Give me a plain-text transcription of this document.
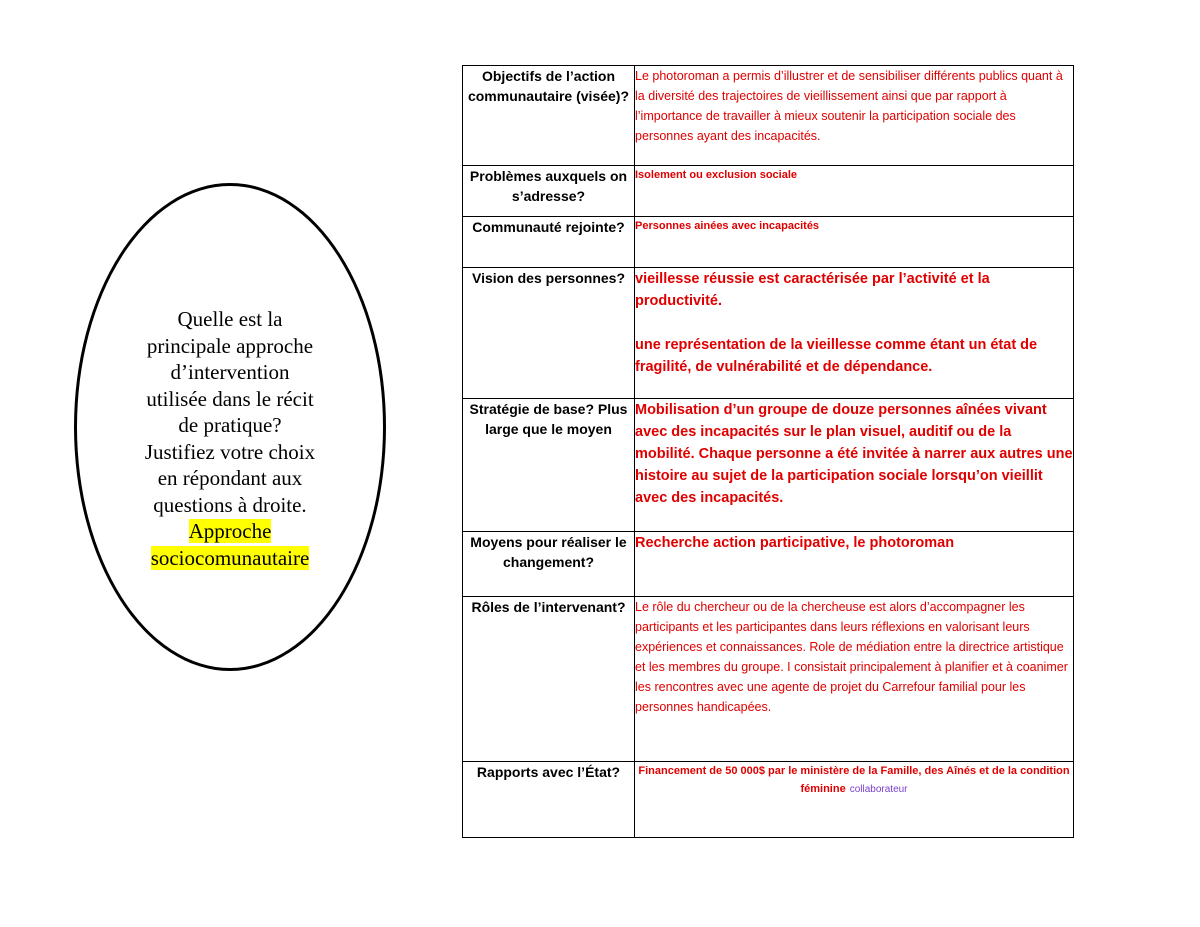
Quelle est la
principale approche
d’intervention
utilisée dans le récit
de pratique?
Justifiez votre choix
en répondant aux
questions à droite.
Approche
sociocomunautaire
Objectifs de l’action communautaire (visée)?	Le photoroman a permis d’illustrer et de sensibiliser différents publics quant à la diversité des trajectoires de vieillissement ainsi que par rapport à l’importance de travailler à mieux soutenir la participation sociale des personnes ayant des incapacités.
Problèmes auxquels on s’adresse?	Isolement ou exclusion sociale
Communauté rejointe?	Personnes ainées avec incapacités
Vision des personnes?	vieillesse réussie est caractérisée par l’activité et la productivité.
une représentation de la vieillesse comme étant un état de fragilité, de vulnérabilité et de dépendance.

Stratégie de base? Plus large que le moyen	Mobilisation d’un groupe de douze personnes aînées vivant avec des incapacités sur le plan visuel, auditif ou de la mobilité. Chaque personne a été invitée à narrer aux autres une histoire au sujet de la participation sociale lorsqu’on vieillit avec des incapacités.
Moyens pour réaliser le changement?	Recherche action participative, le photoroman
Rôles de l’intervenant?	Le rôle du chercheur ou de la chercheuse est alors d’accompagner les participants et les participantes dans leurs réflexions en valorisant leurs expériences et connaissances. Role de médiation entre la directrice artistique et les membres du groupe. I consistait principalement à planifier et à coanimer les rencontres avec une agente de projet du Carrefour familial pour les personnes handicapées.
Rapports avec l’État?	Financement de 50 000$ par le ministère de la Famille, des Aînés et de la condition féminine collaborateur
